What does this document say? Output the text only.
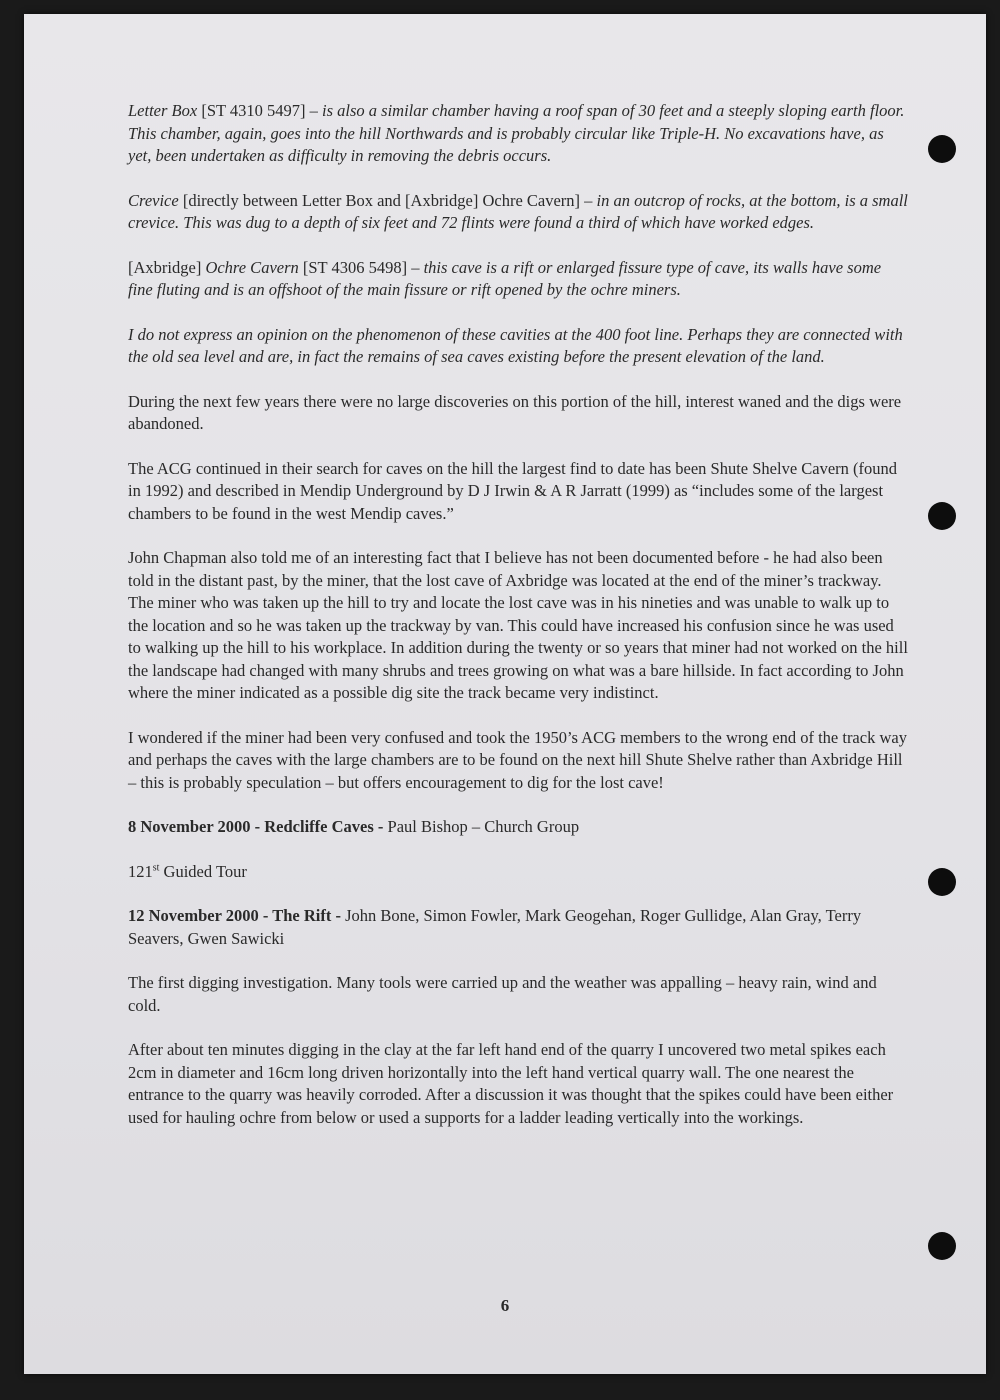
Letter Box [ST 4310 5497] – is also a similar chamber having a roof span of 30 feet and a steeply sloping earth floor. This chamber, again, goes into the hill Northwards and is probably circular like Triple-H. No excavations have, as yet, been undertaken as difficulty in removing the debris occurs.

Crevice [directly between Letter Box and [Axbridge] Ochre Cavern] – in an outcrop of rocks, at the bottom, is a small crevice. This was dug to a depth of six feet and 72 flints were found a third of which have worked edges.

[Axbridge] Ochre Cavern [ST 4306 5498] – this cave is a rift or enlarged fissure type of cave, its walls have some fine fluting and is an offshoot of the main fissure or rift opened by the ochre miners.

I do not express an opinion on the phenomenon of these cavities at the 400 foot line. Perhaps they are connected with the old sea level and are, in fact the remains of sea caves existing before the present elevation of the land.

During the next few years there were no large discoveries on this portion of the hill, interest waned and the digs were abandoned.

The ACG continued in their search for caves on the hill the largest find to date has been Shute Shelve Cavern (found in 1992) and described in Mendip Underground by D J Irwin & A R Jarratt (1999) as “includes some of the largest chambers to be found in the west Mendip caves.”

John Chapman also told me of an interesting fact that I believe has not been documented before - he had also been told in the distant past, by the miner, that the lost cave of Axbridge was located at the end of the miner’s trackway. The miner who was taken up the hill to try and locate the lost cave was in his nineties and was unable to walk up to the location and so he was taken up the trackway by van. This could have increased his confusion since he was used to walking up the hill to his workplace. In addition during the twenty or so years that miner had not worked on the hill the landscape had changed with many shrubs and trees growing on what was a bare hillside. In fact according to John where the miner indicated as a possible dig site the track became very indistinct.

I wondered if the miner had been very confused and took the 1950’s ACG members to the wrong end of the track way and perhaps the caves with the large chambers are to be found on the next hill Shute Shelve rather than Axbridge Hill – this is probably speculation – but offers encouragement to dig for the lost cave!

8 November 2000 - Redcliffe Caves - Paul Bishop – Church Group

121st Guided Tour

12 November 2000 - The Rift - John Bone, Simon Fowler, Mark Geogehan, Roger Gullidge, Alan Gray, Terry Seavers, Gwen Sawicki

The first digging investigation. Many tools were carried up and the weather was appalling – heavy rain, wind and cold.

After about ten minutes digging in the clay at the far left hand end of the quarry I uncovered two metal spikes each 2cm in diameter and 16cm long driven horizontally into the left hand vertical quarry wall. The one nearest the entrance to the quarry was heavily corroded. After a discussion it was thought that the spikes could have been either used for hauling ochre from below or used a supports for a ladder leading vertically into the workings.

6
